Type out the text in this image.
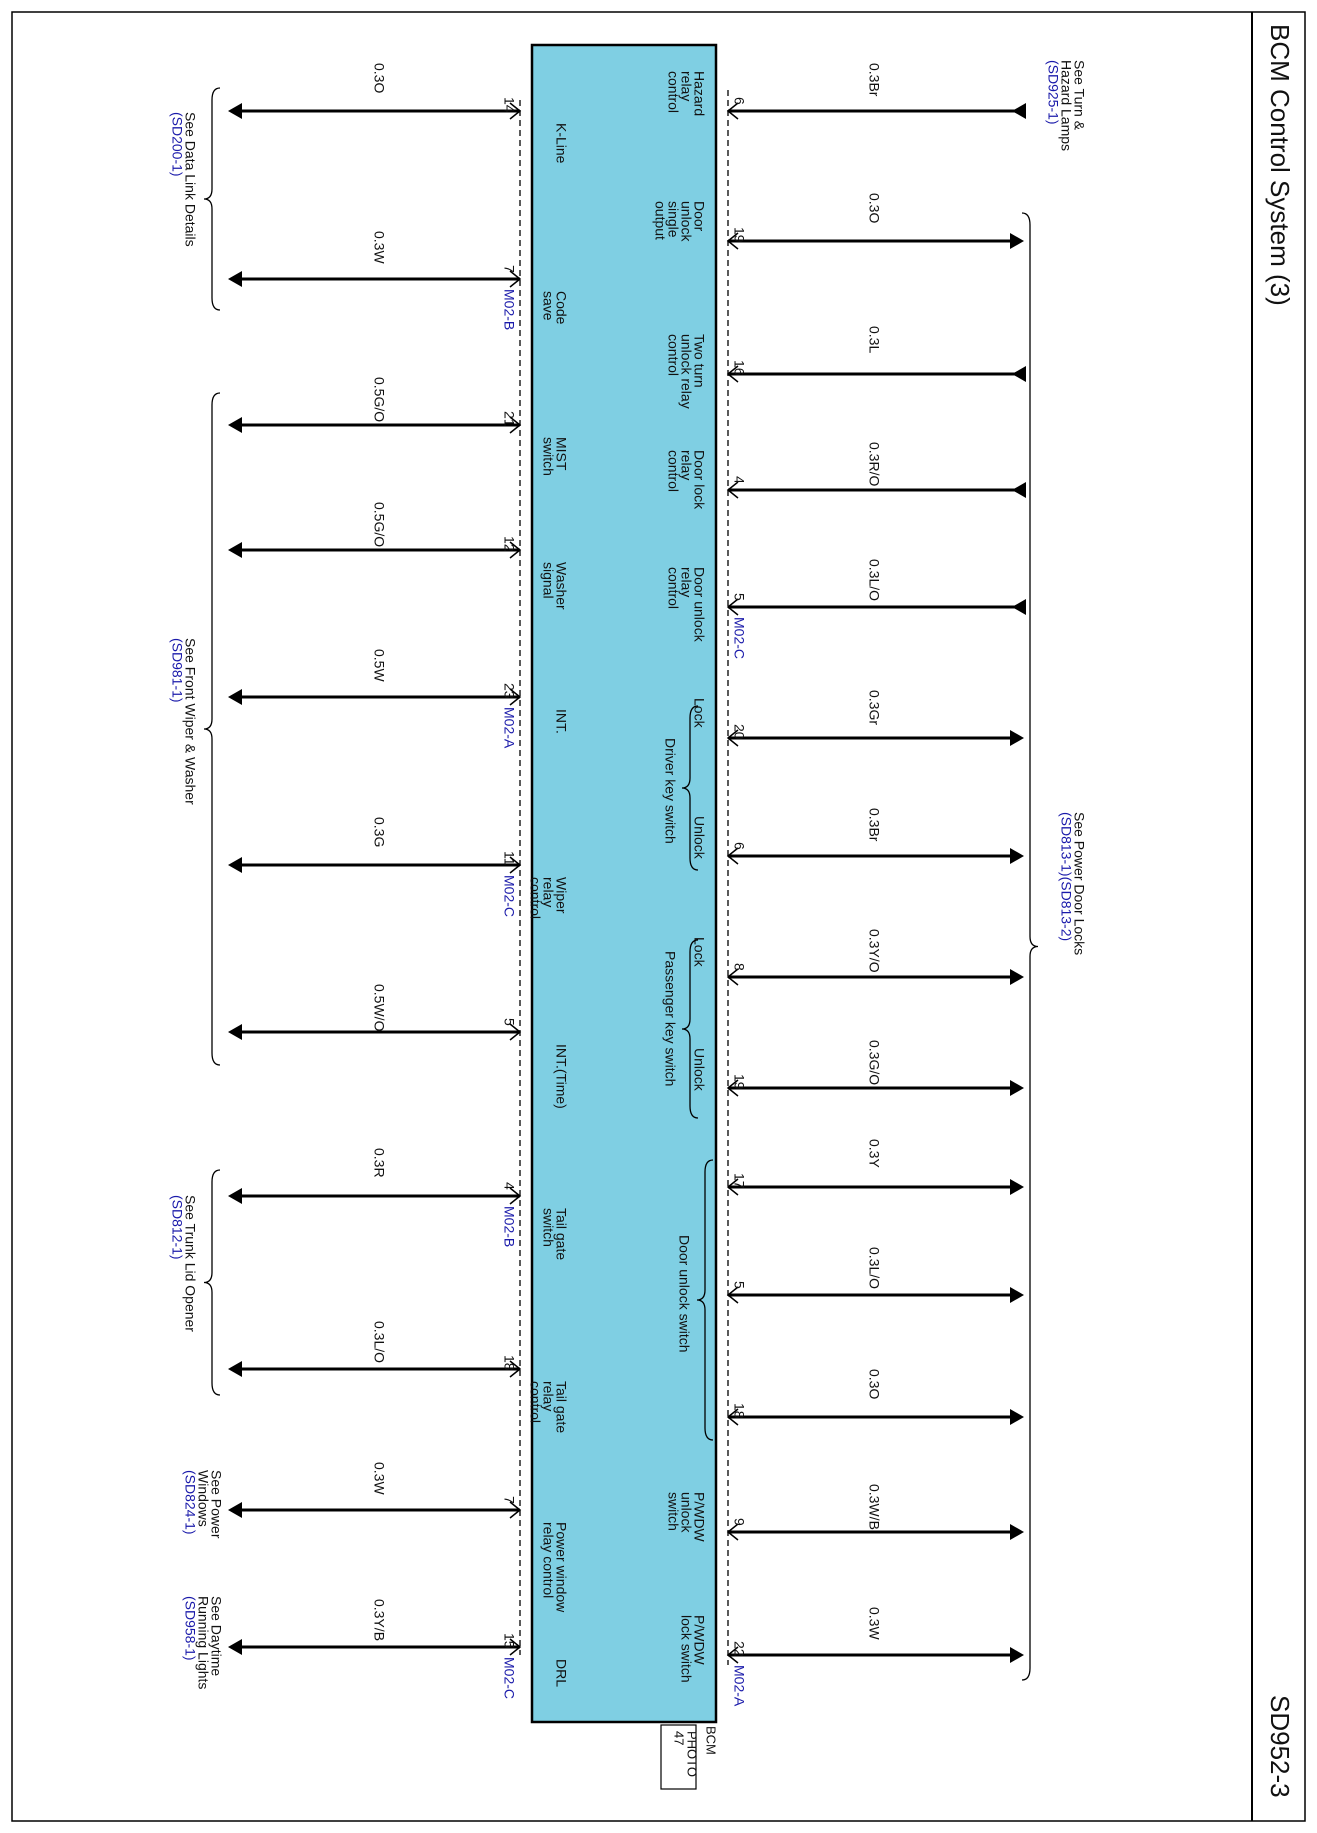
BCM Control System (3)
SD952-3
BCM
PHOTO
47
6
0.3Br
Hazard
relay
control
19
0.3O
Door
unlock
single
output
16
0.3L
Two turn
unlock relay
control
4	0.3R/O
Door lock
relay
control
5	0.3L/O
Door unlock
relay
control
M02-C
20
0.3Gr
Lock
6
0.3Br
Unlock
8	0.3Y/O
Lock
19	0.3G/O
Unlock
17
0.3Y
5	0.3L/O
18
0.3O
9	0.3W/B
P/WDW
unlock
switch
22
0.3W
P/WDW
lock switch
M02-A
14
0.3O
K-Line
7
0.3W
Code
save
M02-B
21
0.5G/O
MIST
switch
12
0.5G/O
Washer
signal
23
0.5W
INT.
M02-A
11
0.3G
Wiper
relay
control
M02-C
5
0.5W/O
INT.(Time)
4
0.3R
Tail gate
switch
M02-B
18
0.3L/O
Tail gate
relay
control
7
0.3W
Power window
relay control
15
0.3Y/B
DRL
M02-C
Driver key switch
Passenger key switch
Door unlock switch
See Turn &
Hazard Lamps
(SD925-1)
See Power Door Locks
(SD813-1)(SD813-2)
See Data Link Details
(SD200-1)
See Front Wiper & Washer
(SD981-1)
See Trunk Lid Opener
(SD812-1)
See Power
Windows
(SD824-1)
See Daytime
Running Lights
(SD958-1)
